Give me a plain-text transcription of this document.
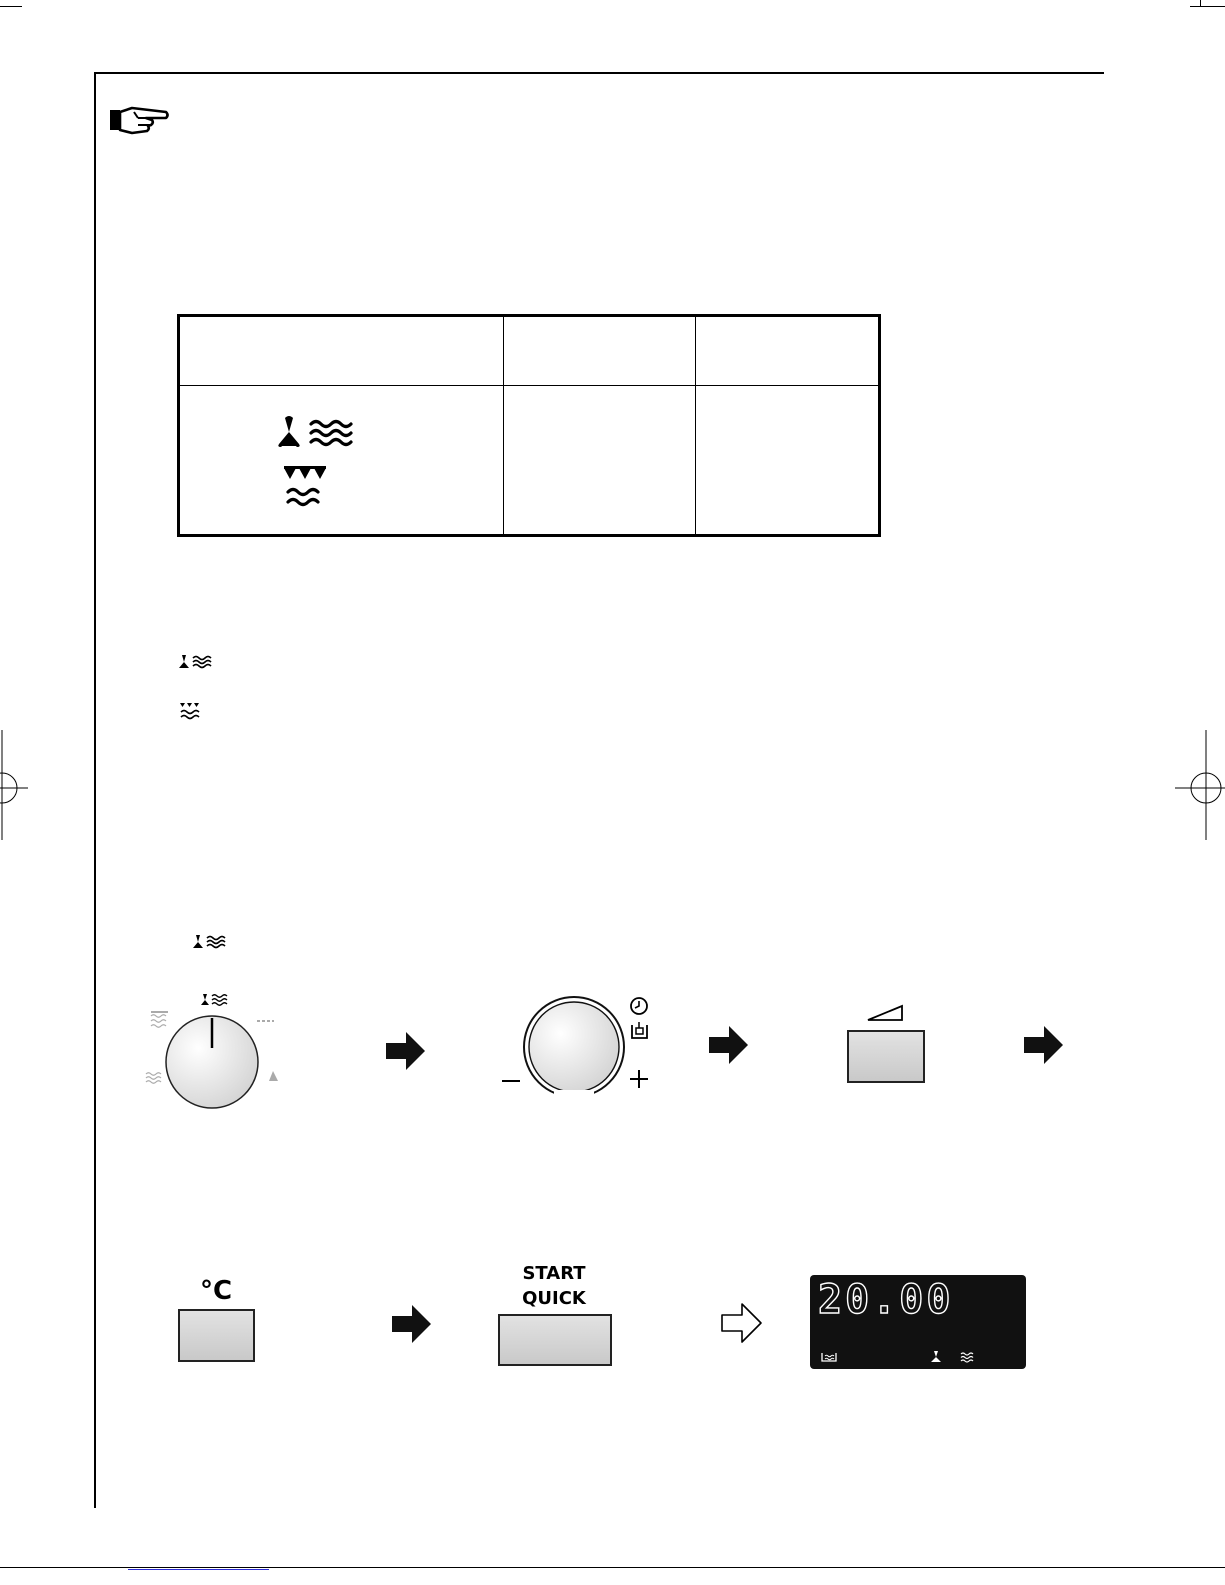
°C
START
QUICK	20.00
